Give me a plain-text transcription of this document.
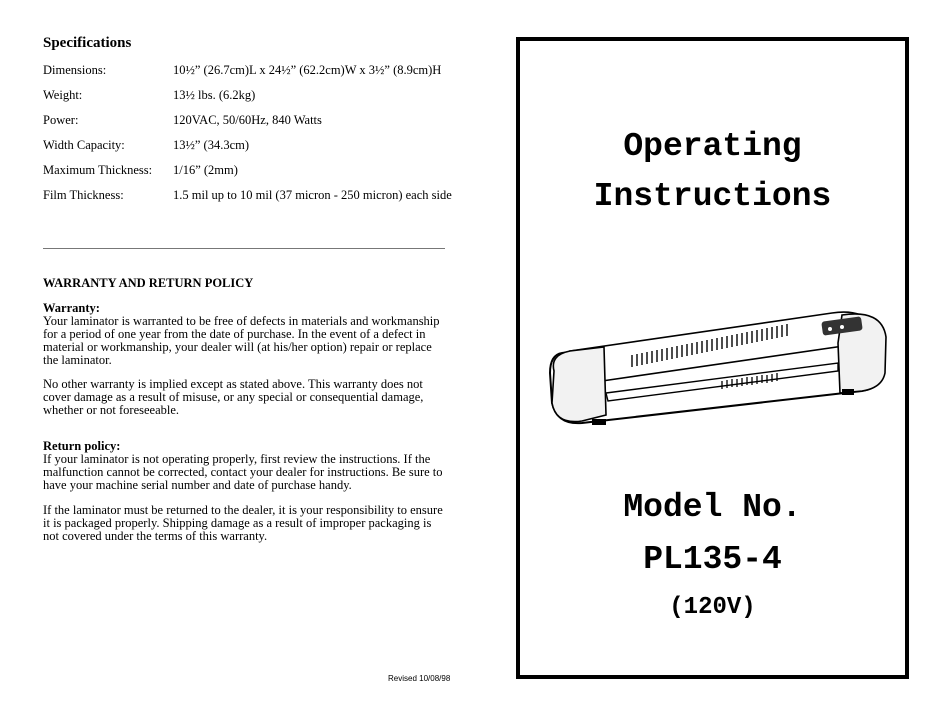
Specifications
Dimensions:	10½” (26.7cm)L x 24½” (62.2cm)W x 3½” (8.9cm)H
Weight:	13½ lbs. (6.2kg)
Power:	120VAC, 50/60Hz, 840 Watts
Width Capacity:	13½” (34.3cm)
Maximum Thickness: 1/16” (2mm)
Film Thickness:	1.5 mil up to 10 mil (37 micron - 250 micron) each side
WARRANTY AND RETURN POLICY
Warranty:
Your laminator is warranted to be free of defects in materials and workmanship for a period of one year from the date of purchase. In the event of a defect in material or workmanship, your dealer will (at his/her option) repair or replace the laminator.
No other warranty is implied except as stated above. This warranty does not cover damage as a result of misuse, or any special or consequential damage, whether or not foreseeable.
Return policy:
If your laminator is not operating properly, first review the instructions. If the malfunction cannot be corrected, contact your dealer for instructions. Be sure to have your machine serial number and date of purchase handy.
If the laminator must be returned to the dealer, it is your responsibility to ensure it is packaged properly. Shipping damage as a result of improper packaging is not covered under the terms of this warranty.
Revised 10/08/98
Operating
Instructions
Model No.
PL135-4
(120V)
